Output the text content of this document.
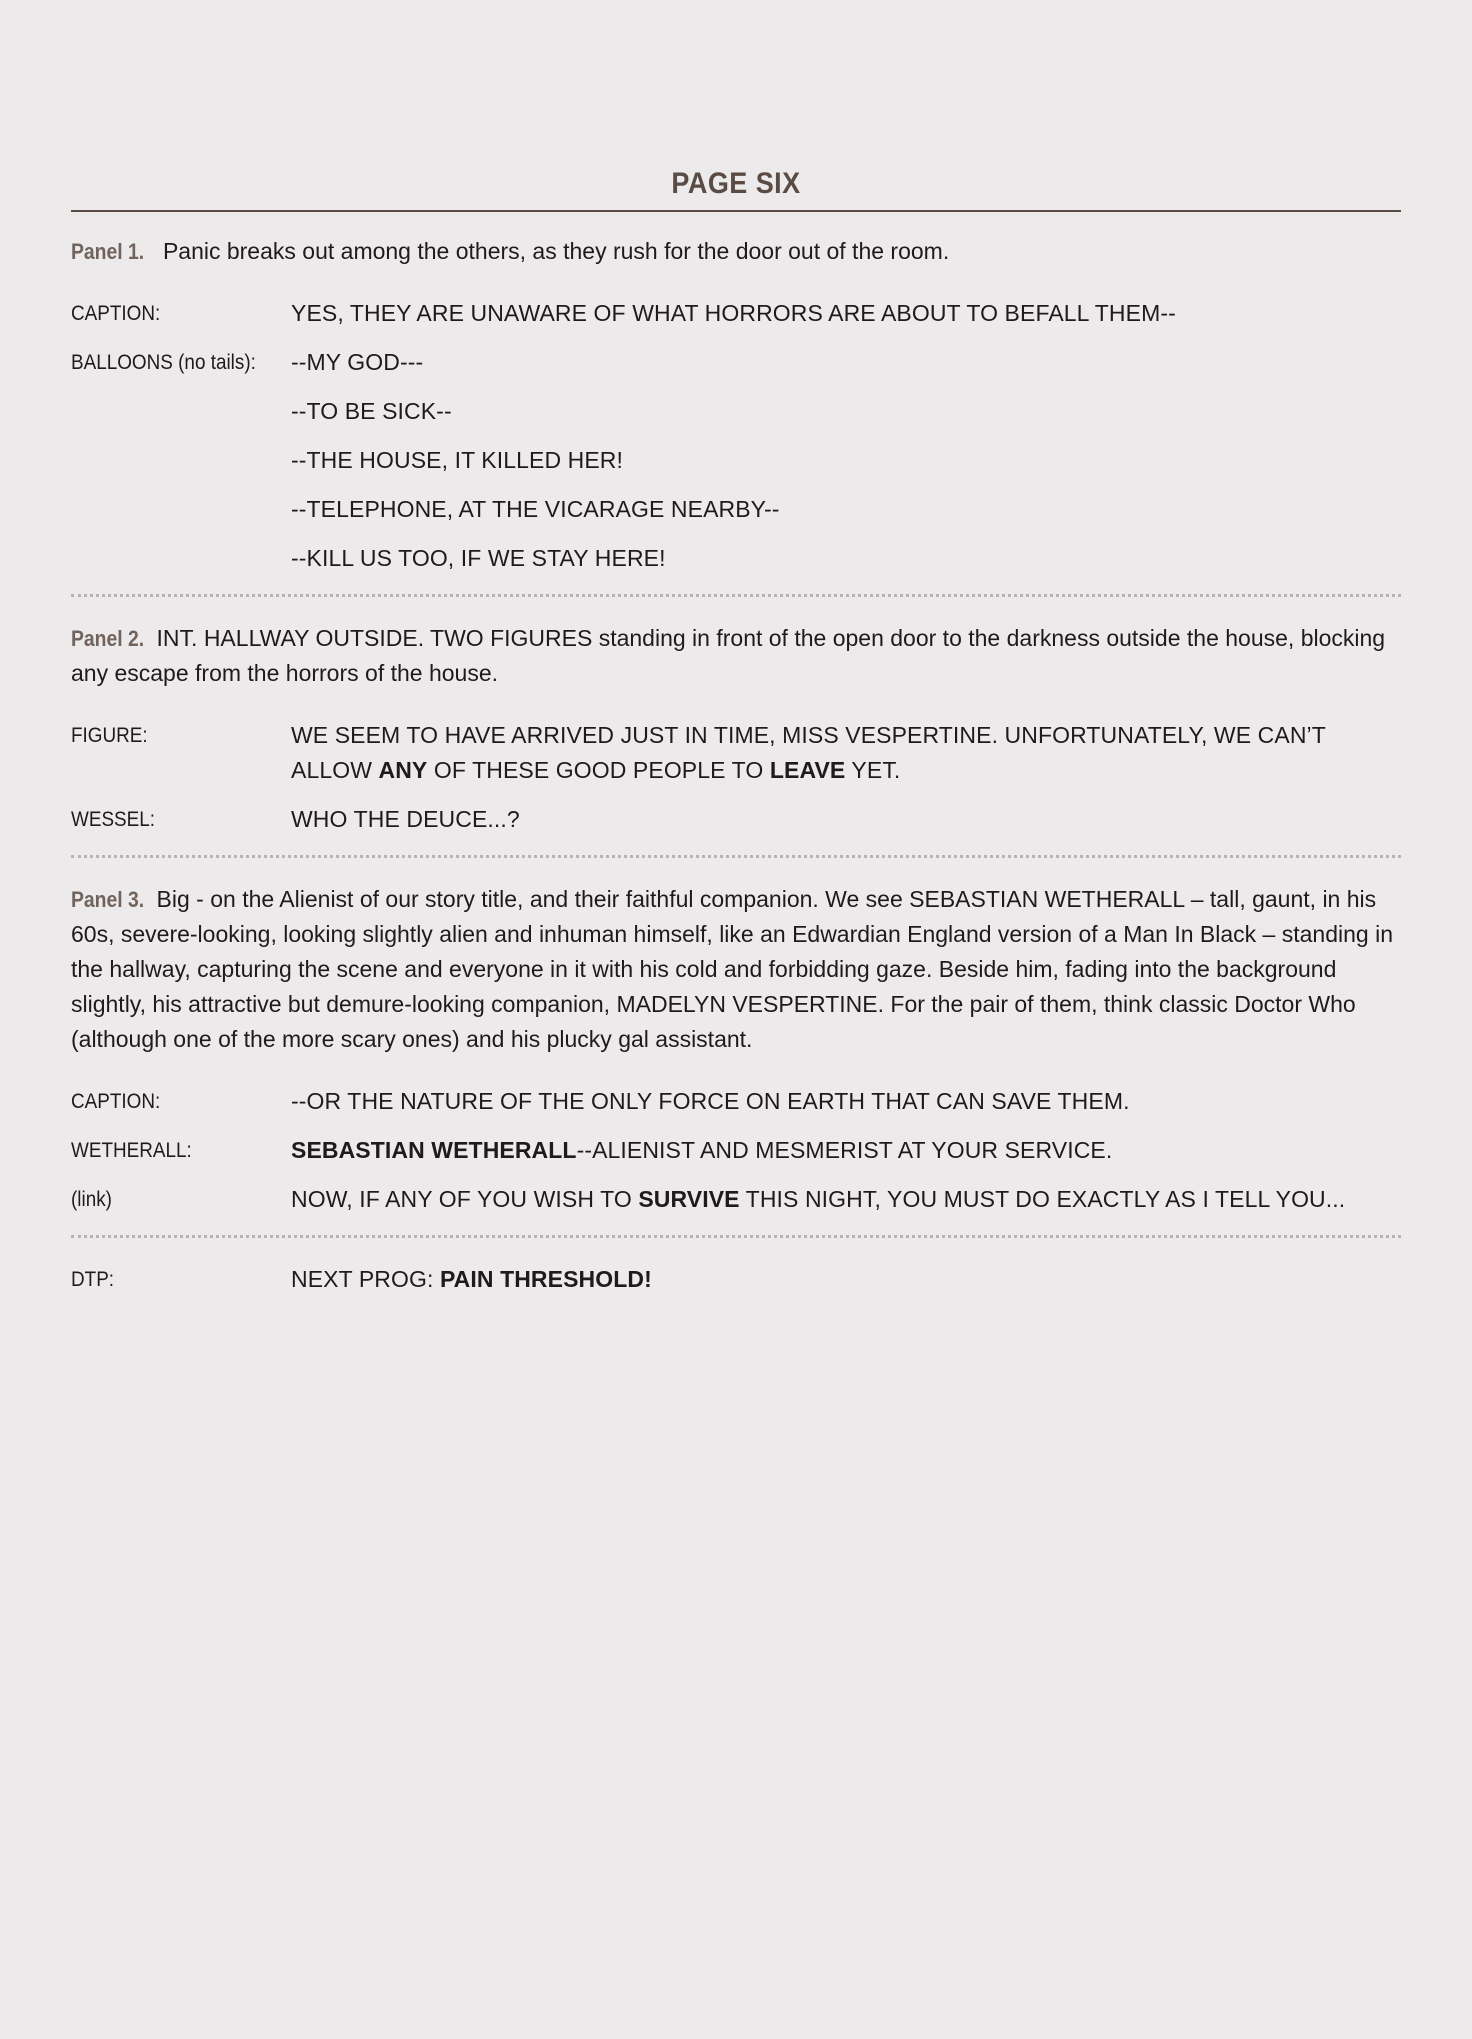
PAGE SIX

Panel 1. Panic breaks out among the others, as they rush for the door out of the room.

CAPTION:	YES, THEY ARE UNAWARE OF WHAT HORRORS ARE ABOUT TO BEFALL THEM--
BALLOONS (no tails):	--MY GOD---
--TO BE SICK--
--THE HOUSE, IT KILLED HER!
--TELEPHONE, AT THE VICARAGE NEARBY--
--KILL US TOO, IF WE STAY HERE!

Panel 2. INT. HALLWAY OUTSIDE. TWO FIGURES standing in front of the open door to the darkness outside the house, blocking any escape from the horrors of the house.

FIGURE:	WE SEEM TO HAVE ARRIVED JUST IN TIME, MISS VESPERTINE. UNFORTUNATELY, WE CAN’T ALLOW ANY OF THESE GOOD PEOPLE TO LEAVE YET.
WESSEL:	WHO THE DEUCE...?

Panel 3. Big - on the Alienist of our story title, and their faithful companion. We see SEBASTIAN WETHERALL – tall, gaunt, in his 60s, severe-looking, looking slightly alien and inhuman himself, like an Edwardian England version of a Man In Black – standing in the hallway, capturing the scene and everyone in it with his cold and forbidding gaze. Beside him, fading into the background slightly, his attractive but demure-looking companion, MADELYN VESPERTINE. For the pair of them, think classic Doctor Who (although one of the more scary ones) and his plucky gal assistant.

CAPTION:	--OR THE NATURE OF THE ONLY FORCE ON EARTH THAT CAN SAVE THEM.
WETHERALL:	SEBASTIAN WETHERALL--ALIENIST AND MESMERIST AT YOUR SERVICE.
(link)	NOW, IF ANY OF YOU WISH TO SURVIVE THIS NIGHT, YOU MUST DO EXACTLY AS I TELL YOU...
DTP:	NEXT PROG: PAIN THRESHOLD!
